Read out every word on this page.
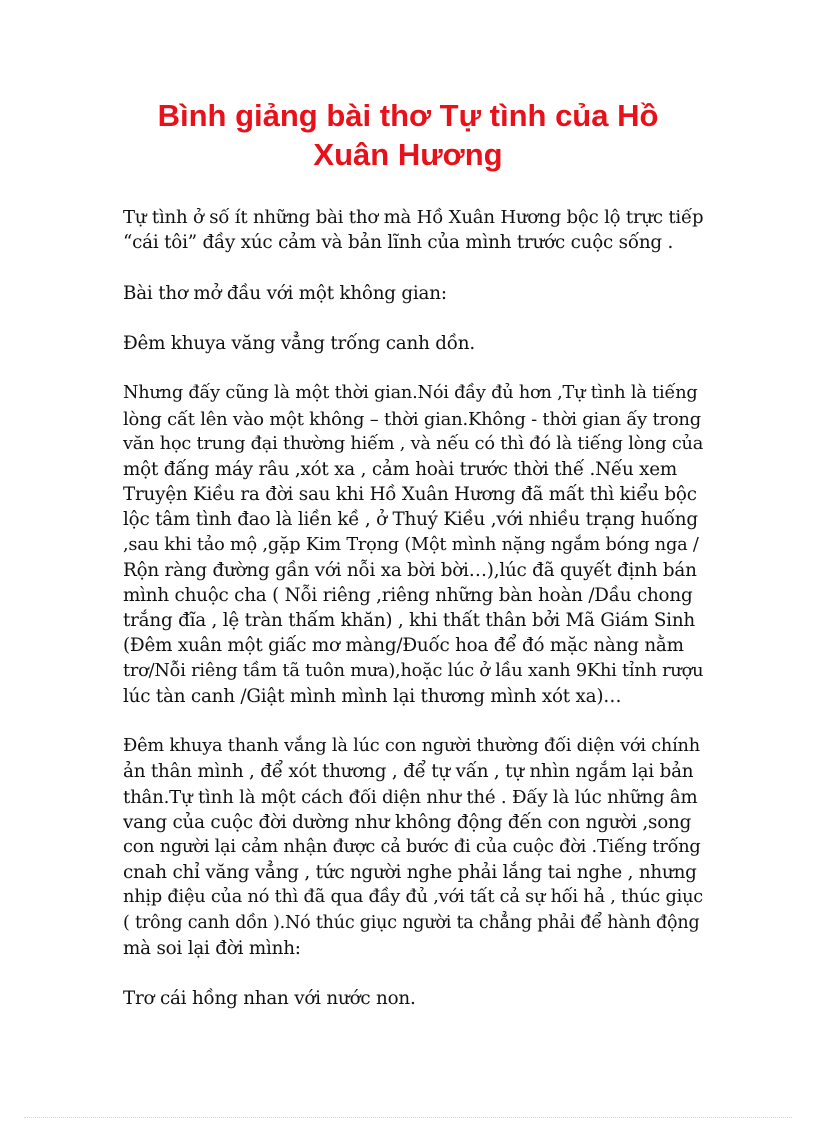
Bình giảng bài thơ Tự tình của Hồ
Xuân Hương
Tự tình ở số ít những bài thơ mà Hồ Xuân Hương bộc lộ trực tiếp
“cái tôi” đầy xúc cảm và bản lĩnh của mình trước cuộc sống .
Bài thơ mở đầu với một không gian:
Đêm khuya văng vẳng trống canh dồn.
Nhưng đấy cũng là một thời gian.Nói đầy đủ hơn ,Tự tình là tiếng
lòng cất lên vào một không – thời gian.Không - thời gian ấy trong
văn học trung đại thường hiếm , và nếu có thì đó là tiếng lòng của
một đấng máy râu ,xót xa , cảm hoài trước thời thế .Nếu xem
Truyện Kiều ra đời sau khi Hồ Xuân Hương đã mất thì kiểu bộc
lộc tâm tình đao là liền kề , ở Thuý Kiều ,với nhiều trạng huống
,sau khi tảo mộ ,gặp Kim Trọng (Một mình nặng ngắm bóng nga /
Rộn ràng đường gần với nỗi xa bời bời…),lúc đã quyết định bán
mình chuộc cha ( Nỗi riêng ,riêng những bàn hoàn /Dầu chong
trắng đĩa , lệ tràn thấm khăn) , khi thất thân bởi Mã Giám Sinh
(Đêm xuân một giấc mơ màng/Đuốc hoa để đó mặc nàng nằm
trơ/Nỗi riêng tầm tã tuôn mưa),hoặc lúc ở lầu xanh 9Khi tỉnh rượu
lúc tàn canh /Giật mình mình lại thương mình xót xa)…
Đêm khuya thanh vắng là lúc con người thường đối diện với chính
ản thân mình , để xót thương , để tự vấn , tự nhìn ngắm lại bản
thân.Tự tình là một cách đối diện như thé . Đấy là lúc những âm
vang của cuộc đời dường như không động đến con người ,song
con người lại cảm nhận được cả bước đi của cuộc đời .Tiếng trống
cnah chỉ văng vẳng , tức người nghe phải lắng tai nghe , nhưng
nhịp điệu của nó thì đã qua đầy đủ ,với tất cả sự hối hả , thúc giục
( trông canh dồn ).Nó thúc giục người ta chẳng phải để hành động
mà soi lại đời mình:
Trơ cái hồng nhan với nước non.
